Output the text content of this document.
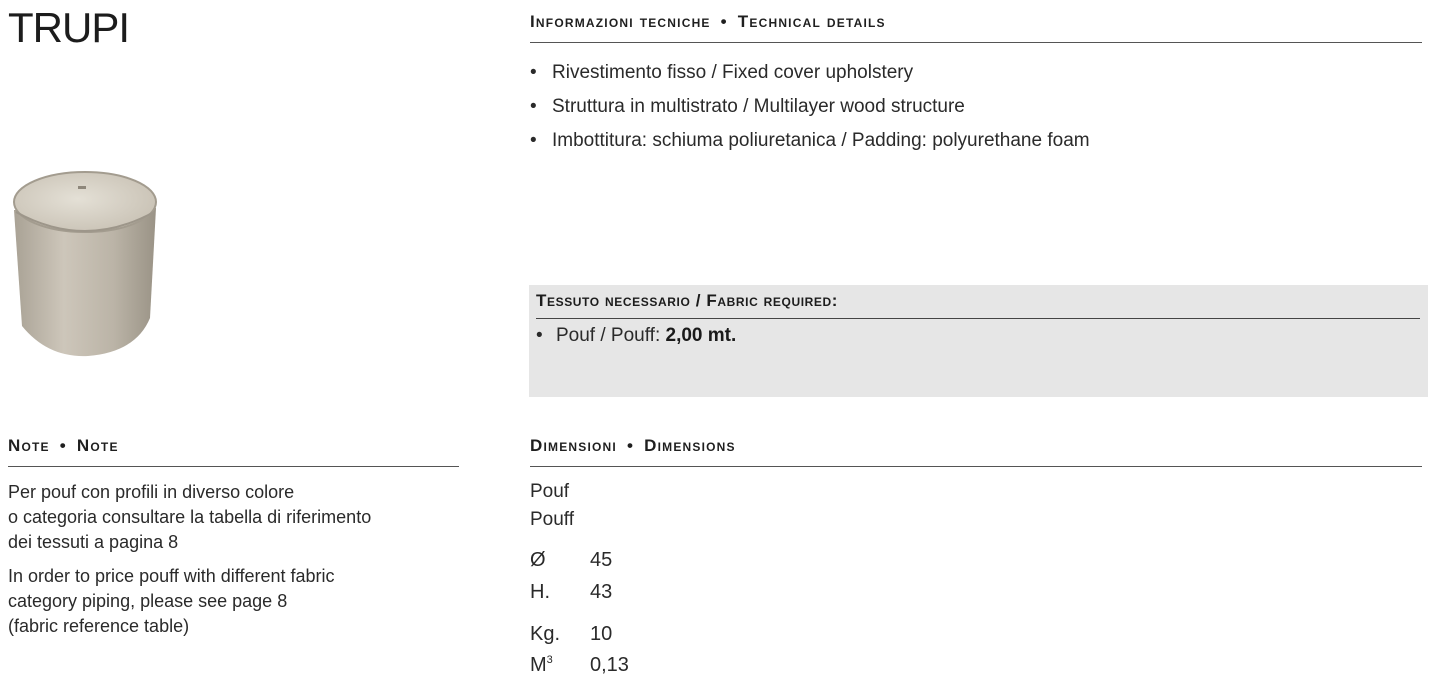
TRUPI	Informazioni tecniche • Technical details
• Rivestimento fisso / Fixed cover upholstery
• Struttura in multistrato / Multilayer wood structure
• Imbottitura: schiuma poliuretanica / Padding: polyurethane foam
Tessuto necessario / Fabric required:
• Pouf / Pouff: 2,00 mt.
Note • Note
Per pouf con profili in diverso colore
o categoria consultare la tabella di riferimento
dei tessuti a pagina 8
In order to price pouff with different fabric
category piping, please see page 8
(fabric reference table)
Dimensioni • Dimensions
Pouf
Pouff
Ø 45
H. 43
Kg. 10
$M^3$ 0,13
